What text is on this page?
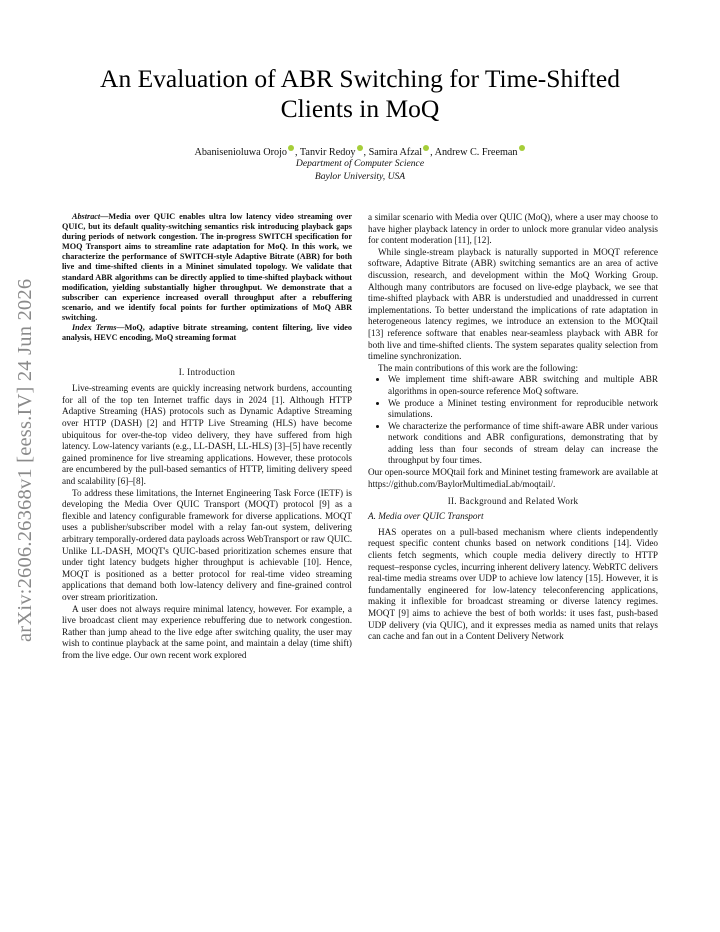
arXiv:2606.26368v1 [eess.IV] 24 Jun 2026
An Evaluation of ABR Switching for Time-Shifted
Clients in MoQ
Abanisenioluwa Orojo , Tanvir Redoy , Samira Afzal , Andrew C. Freeman
Department of Computer Science
Baylor University, USA

Abstract—Media over QUIC enables ultra low latency video streaming over QUIC, but its default quality-switching semantics risk introducing playback gaps during periods of network congestion. The in-progress SWITCH specification for MOQ Transport aims to streamline rate adaptation for MoQ. In this work, we characterize the performance of SWITCH-style Adaptive Bitrate (ABR) for both live and time-shifted clients in a Mininet simulated topology. We validate that standard ABR algorithms can be directly applied to time-shifted playback without modification, yielding substantially higher throughput. We demonstrate that a subscriber can experience increased overall throughput after a rebuffering scenario, and we identify focal points for further optimizations of MoQ ABR switching.

Index Terms—MoQ, adaptive bitrate streaming, content filtering, live video analysis, HEVC encoding, MoQ streaming format

I. Introduction

Live-streaming events are quickly increasing network burdens, accounting for all of the top ten Internet traffic days in 2024 [1]. Although HTTP Adaptive Streaming (HAS) protocols such as Dynamic Adaptive Streaming over HTTP (DASH) [2] and HTTP Live Streaming (HLS) have become ubiquitous for over-the-top video delivery, they have suffered from high latency. Low-latency variants (e.g., LL-DASH, LL-HLS) [3]–[5] have recently gained prominence for live streaming applications. However, these protocols are encumbered by the pull-based semantics of HTTP, limiting delivery speed and scalability [6]–[8].

To address these limitations, the Internet Engineering Task Force (IETF) is developing the Media Over QUIC Transport (MOQT) protocol [9] as a flexible and latency configurable framework for diverse applications. MOQT uses a publisher/subscriber model with a relay fan-out system, delivering arbitrary temporally-ordered data payloads across WebTransport or raw QUIC. Unlike LL-DASH, MOQT's QUIC-based prioritization schemes ensure that under tight latency budgets higher throughput is achievable [10]. Hence, MOQT is positioned as a better protocol for real-time video streaming applications that demand both low-latency delivery and fine-grained control over stream prioritization.

A user does not always require minimal latency, however. For example, a live broadcast client may experience rebuffering due to network congestion. Rather than jump ahead to the live edge after switching quality, the user may wish to continue playback at the same point, and maintain a delay (time shift) from the live edge. Our own recent work explored

a similar scenario with Media over QUIC (MoQ), where a user may choose to have higher playback latency in order to unlock more granular video analysis for content moderation [11], [12].

While single-stream playback is naturally supported in MOQT reference software, Adaptive Bitrate (ABR) switching semantics are an area of active discussion, research, and development within the MoQ Working Group. Although many contributors are focused on live-edge playback, we see that time-shifted playback with ABR is understudied and unaddressed in current implementations. To better understand the implications of rate adaptation in heterogeneous latency regimes, we introduce an extension to the MOQtail [13] reference software that enables near-seamless playback with ABR for both live and time-shifted clients. The system separates quality selection from timeline synchronization.

The main contributions of this work are the following:

• We implement time shift-aware ABR switching and multiple ABR algorithms in open-source reference MoQ software.
• We produce a Mininet testing environment for reproducible network simulations.
• We characterize the performance of time shift-aware ABR under various network conditions and ABR configurations, demonstrating that by adding less than four seconds of stream delay can increase the throughput by four times.

Our open-source MOQtail fork and Mininet testing framework are available at https://github.com/BaylorMultimediaLab/moqtail/.

II. Background and Related Work

A. Media over QUIC Transport

HAS operates on a pull-based mechanism where clients independently request specific content chunks based on network conditions [14]. Video clients fetch segments, which couple media delivery directly to HTTP request–response cycles, incurring inherent delivery latency. WebRTC delivers real-time media streams over UDP to achieve low latency [15]. However, it is fundamentally engineered for low-latency teleconferencing applications, making it inflexible for broadcast streaming or diverse latency regimes. MOQT [9] aims to achieve the best of both worlds: it uses fast, push-based UDP delivery (via QUIC), and it expresses media as named units that relays can cache and fan out in a Content Delivery Network
